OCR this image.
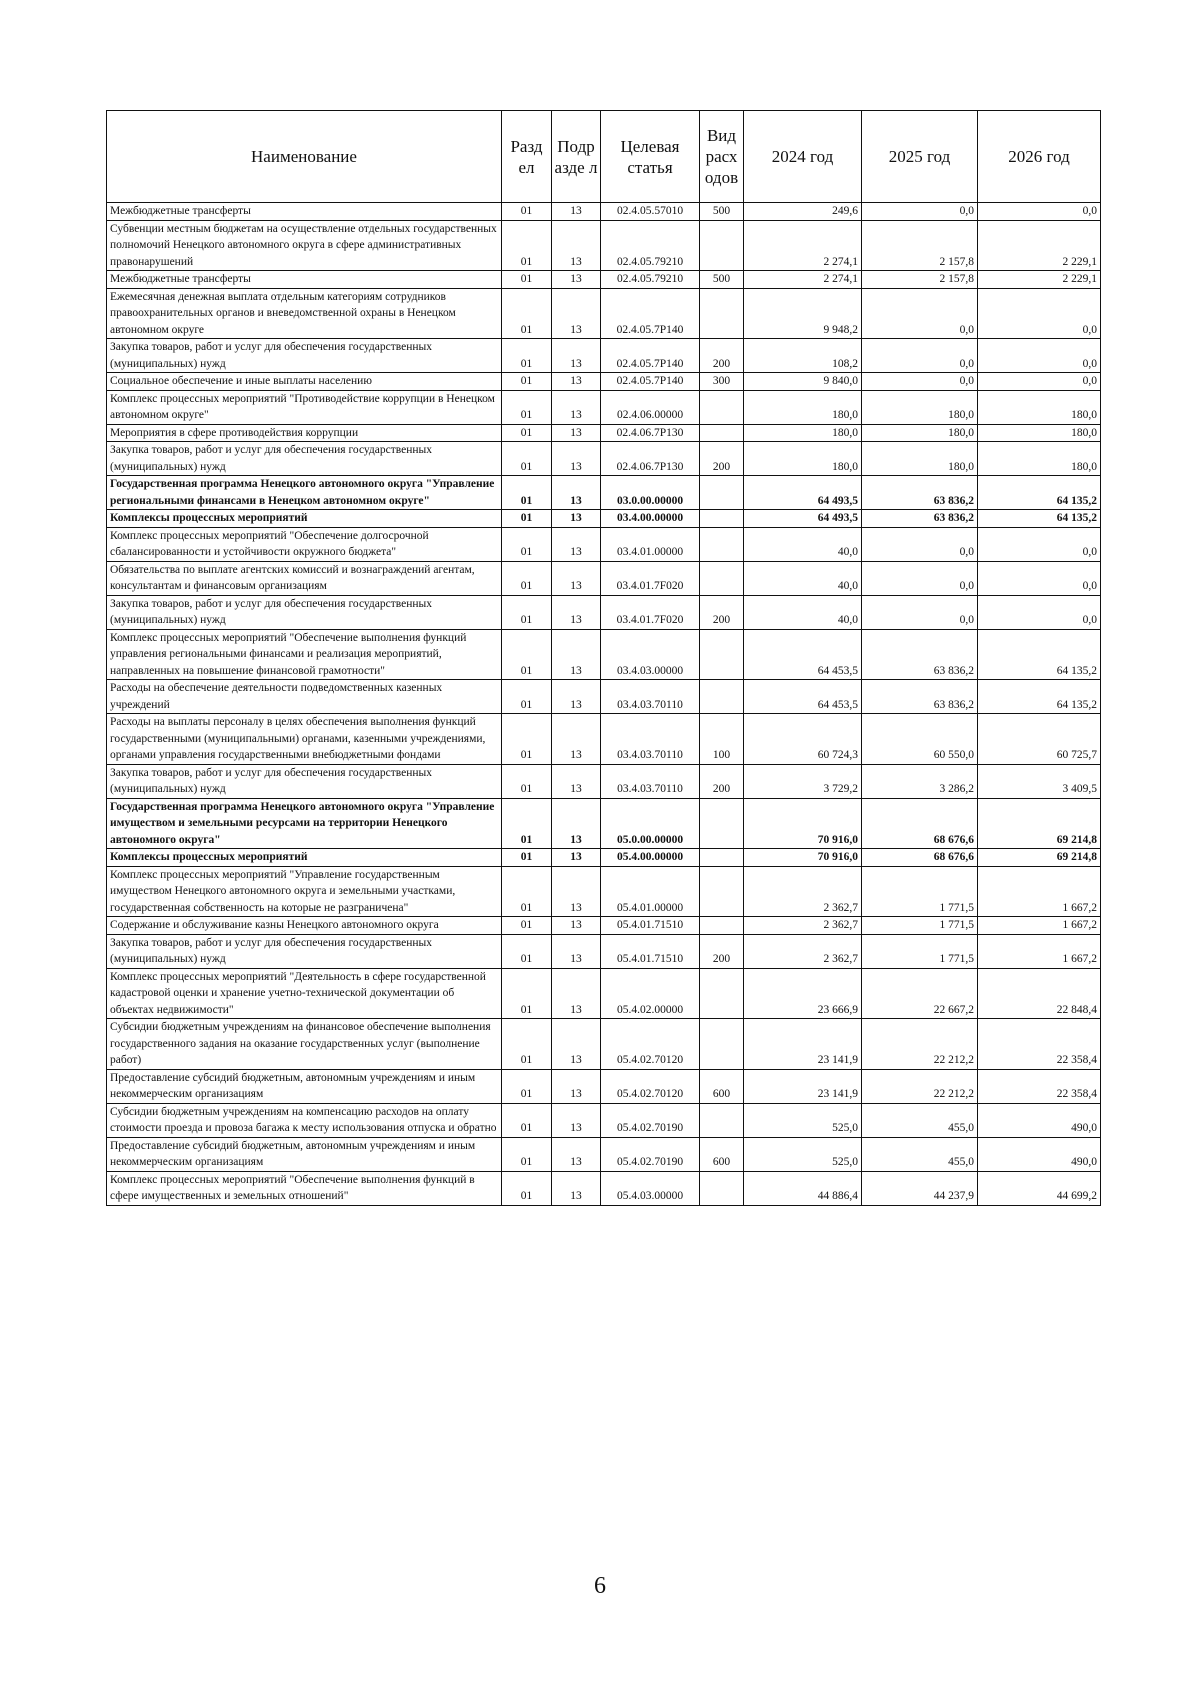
Наименование	Разд ел	Подр азде л	Целевая статья	Вид расх одов	2024 год	2025 год	2026 год
Межбюджетные трансферты	01	13	02.4.05.57010	500	249,6	0,0	0,0
Субвенции местным бюджетам на осуществление отдельных государственных полномочий Ненецкого автономного округа в сфере административных правонарушений	01	13	02.4.05.79210		2 274,1	2 157,8	2 229,1
Межбюджетные трансферты	01	13	02.4.05.79210	500	2 274,1	2 157,8	2 229,1
Ежемесячная денежная выплата отдельным категориям сотрудников правоохранительных органов и вневедомственной охраны в Ненецком автономном округе	01	13	02.4.05.7Р140		9 948,2	0,0	0,0
Закупка товаров, работ и услуг для обеспечения государственных (муниципальных) нужд	01	13	02.4.05.7Р140	200	108,2	0,0	0,0
Социальное обеспечение и иные выплаты населению	01	13	02.4.05.7Р140	300	9 840,0	0,0	0,0
Комплекс процессных мероприятий "Противодействие коррупции в Ненецком автономном округе"	01	13	02.4.06.00000		180,0	180,0	180,0
Мероприятия в сфере противодействия коррупции	01	13	02.4.06.7Р130		180,0	180,0	180,0
Закупка товаров, работ и услуг для обеспечения государственных (муниципальных) нужд	01	13	02.4.06.7Р130	200	180,0	180,0	180,0
Государственная программа Ненецкого автономного округа "Управление региональными финансами в Ненецком автономном округе"	01	13	03.0.00.00000		64 493,5	63 836,2	64 135,2
Комплексы процессных мероприятий	01	13	03.4.00.00000		64 493,5	63 836,2	64 135,2
Комплекс процессных мероприятий "Обеспечение долгосрочной сбалансированности и устойчивости окружного бюджета"	01	13	03.4.01.00000		40,0	0,0	0,0
Обязательства по выплате агентских комиссий и вознаграждений агентам, консультантам и финансовым организациям	01	13	03.4.01.7F020		40,0	0,0	0,0
Закупка товаров, работ и услуг для обеспечения государственных (муниципальных) нужд	01	13	03.4.01.7F020	200	40,0	0,0	0,0
Комплекс процессных мероприятий "Обеспечение выполнения функций управления региональными финансами и реализация мероприятий, направленных на повышение финансовой грамотности"	01	13	03.4.03.00000		64 453,5	63 836,2	64 135,2
Расходы на обеспечение деятельности подведомственных казенных учреждений	01	13	03.4.03.70110		64 453,5	63 836,2	64 135,2
Расходы на выплаты персоналу в целях обеспечения выполнения функций государственными (муниципальными) органами, казенными учреждениями, органами управления государственными внебюджетными фондами	01	13	03.4.03.70110	100	60 724,3	60 550,0	60 725,7
Закупка товаров, работ и услуг для обеспечения государственных (муниципальных) нужд	01	13	03.4.03.70110	200	3 729,2	3 286,2	3 409,5
Государственная программа Ненецкого автономного округа "Управление имуществом и земельными ресурсами на территории Ненецкого автономного округа"	01	13	05.0.00.00000		70 916,0	68 676,6	69 214,8
Комплексы процессных мероприятий	01	13	05.4.00.00000		70 916,0	68 676,6	69 214,8
Комплекс процессных мероприятий "Управление государственным имуществом Ненецкого автономного округа и земельными участками, государственная собственность на которые не разграничена"	01	13	05.4.01.00000		2 362,7	1 771,5	1 667,2
Содержание и обслуживание казны Ненецкого автономного округа	01	13	05.4.01.71510		2 362,7	1 771,5	1 667,2
Закупка товаров, работ и услуг для обеспечения государственных (муниципальных) нужд	01	13	05.4.01.71510	200	2 362,7	1 771,5	1 667,2
Комплекс процессных мероприятий "Деятельность в сфере государственной кадастровой оценки и хранение учетно-технической документации об объектах недвижимости"	01	13	05.4.02.00000		23 666,9	22 667,2	22 848,4
Субсидии бюджетным учреждениям на финансовое обеспечение выполнения государственного задания на оказание государственных услуг (выполнение работ)	01	13	05.4.02.70120		23 141,9	22 212,2	22 358,4
Предоставление субсидий бюджетным, автономным учреждениям и иным некоммерческим организациям	01	13	05.4.02.70120	600	23 141,9	22 212,2	22 358,4
Субсидии бюджетным учреждениям на компенсацию расходов на оплату стоимости проезда и провоза багажа к месту использования отпуска и обратно	01	13	05.4.02.70190		525,0	455,0	490,0
Предоставление субсидий бюджетным, автономным учреждениям и иным некоммерческим организациям	01	13	05.4.02.70190	600	525,0	455,0	490,0
Комплекс процессных мероприятий "Обеспечение выполнения функций в сфере имущественных и земельных отношений"	01	13	05.4.03.00000		44 886,4	44 237,9	44 699,2
6
